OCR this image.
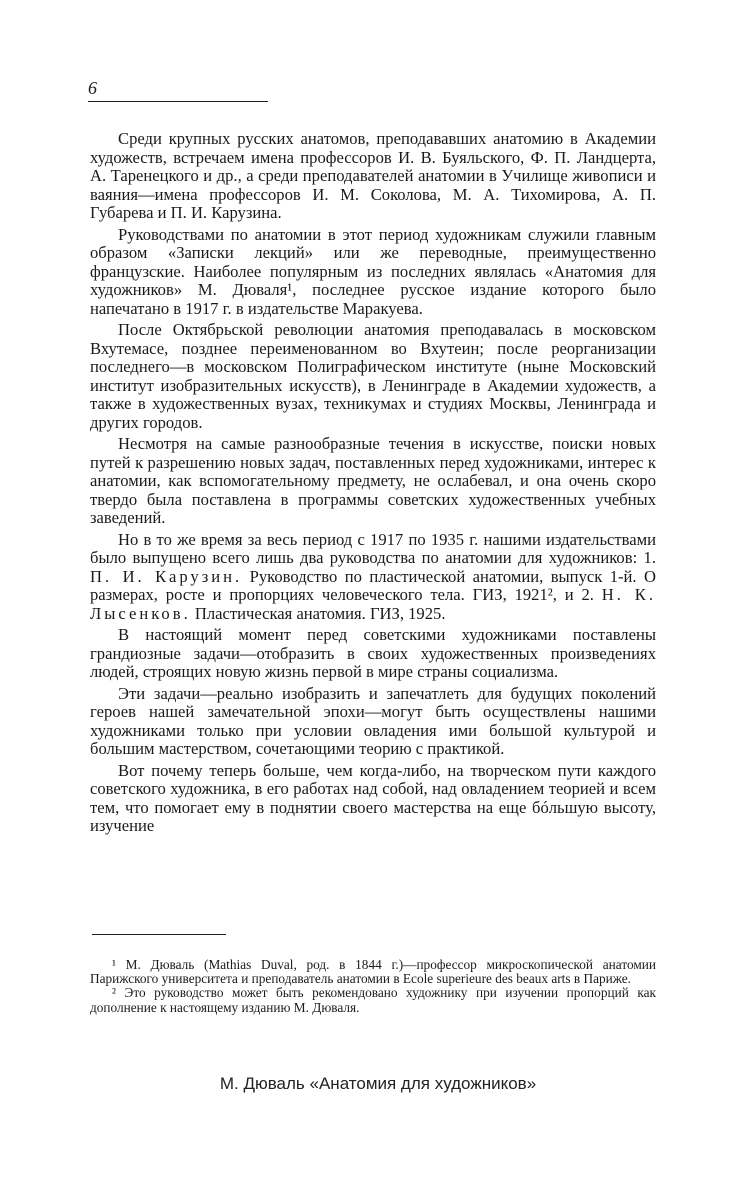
6

Среди крупных русских анатомов, преподававших анатомию в Академии художеств, встречаем имена профессоров И. В. Буяльского, Ф. П. Ландцерта, А. Таренецкого и др., а среди преподавателей анатомии в Училище живописи и ваяния—имена профессоров И. М. Соколова, М. А. Тихомирова, А. П. Губарева и П. И. Карузина.

Руководствами по анатомии в этот период художникам служили главным образом «Записки лекций» или же переводные, преимущественно французские. Наиболее популярным из последних являлась «Анатомия для художников» М. Дюваля¹, последнее русское издание которого было напечатано в 1917 г. в издательстве Маракуева.

После Октябрьской революции анатомия преподавалась в московском Вхутемасе, позднее переименованном во Вхутеин; после реорганизации последнего—в московском Полиграфическом институте (ныне Московский институт изобразительных искусств), в Ленинграде в Академии художеств, а также в художественных вузах, техникумах и студиях Москвы, Ленинграда и других городов.

Несмотря на самые разнообразные течения в искусстве, поиски новых путей к разрешению новых задач, поставленных перед художниками, интерес к анатомии, как вспомогательному предмету, не ослабевал, и она очень скоро твердо была поставлена в программы советских художественных учебных заведений.

Но в то же время за весь период с 1917 по 1935 г. нашими издательствами было выпущено всего лишь два руководства по анатомии для художников: 1. П. И. Карузин. Руководство по пластической анатомии, выпуск 1-й. О размерах, росте и пропорциях человеческого тела. ГИЗ, 1921², и 2. Н. К. Лысенков. Пластическая анатомия. ГИЗ, 1925.

В настоящий момент перед советскими художниками поставлены грандиозные задачи—отобразить в своих художественных произведениях людей, строящих новую жизнь первой в мире страны социализма.

Эти задачи—реально изобразить и запечатлеть для будущих поколений героев нашей замечательной эпохи—могут быть осуществлены нашими художниками только при условии овладения ими большой культурой и большим мастерством, сочетающими теорию с практикой.

Вот почему теперь больше, чем когда-либо, на творческом пути каждого советского художника, в его работах над собой, над овладением теорией и всем тем, что помогает ему в поднятии своего мастерства на еще бóльшую высоту, изучение

¹ М. Дюваль (Mathias Duval, род. в 1844 г.)—профессор микроскопической анатомии Парижского университета и преподаватель анатомии в Ecole superieure des beaux arts в Париже.

² Это руководство может быть рекомендовано художнику при изучении пропорций как дополнение к настоящему изданию М. Дюваля.

М. Дюваль «Анатомия для художников»
